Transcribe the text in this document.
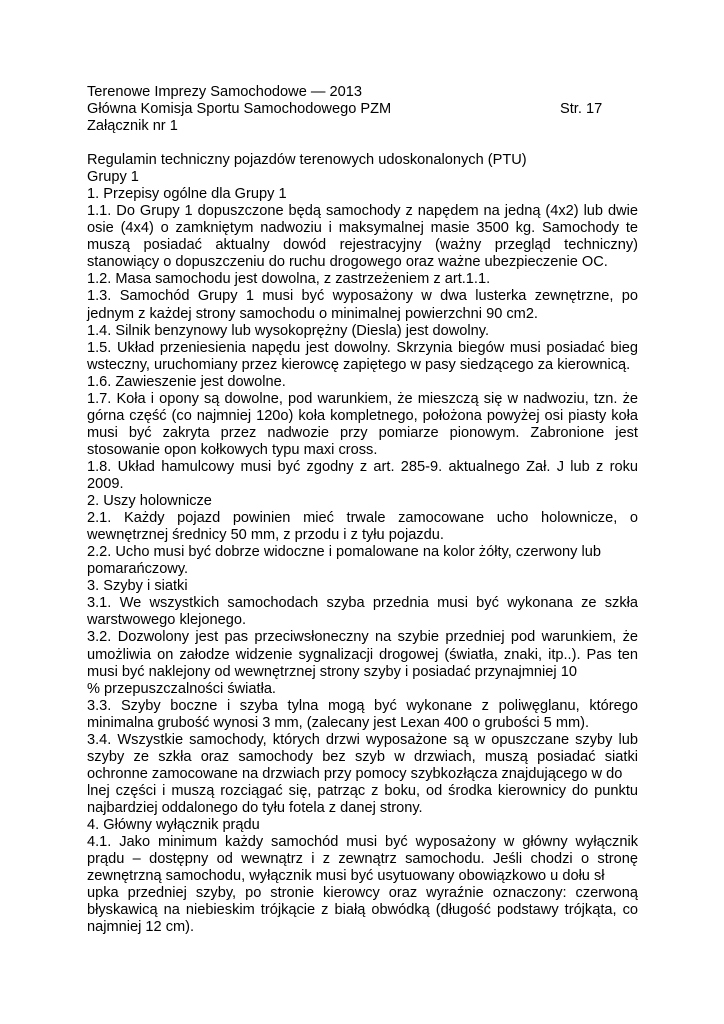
Terenowe Imprezy Samochodowe — 2013
Główna Komisja Sportu Samochodowego PZM	Str. 17
Załącznik nr 1
Regulamin techniczny pojazdów terenowych udoskonalonych (PTU)
Grupy 1
1. Przepisy ogólne dla Grupy 1
1.1. Do Grupy 1 dopuszczone będą samochody z napędem na jedną (4x2) lub dwie
osie (4x4) o zamkniętym nadwoziu i maksymalnej masie 3500 kg. Samochody te
muszą posiadać aktualny dowód rejestracyjny (ważny przegląd techniczny)
stanowiący o dopuszczeniu do ruchu drogowego oraz ważne ubezpieczenie OC.
1.2. Masa samochodu jest dowolna, z zastrzeżeniem z art.1.1.
1.3. Samochód Grupy 1 musi być wyposażony w dwa lusterka zewnętrzne, po
jednym z każdej strony samochodu o minimalnej powierzchni 90 cm2.
1.4. Silnik benzynowy lub wysokoprężny (Diesla) jest dowolny.
1.5. Układ przeniesienia napędu jest dowolny. Skrzynia biegów musi posiadać bieg
wsteczny, uruchomiany przez kierowcę zapiętego w pasy siedzącego za kierownicą.
1.6. Zawieszenie jest dowolne.
1.7. Koła i opony są dowolne, pod warunkiem, że mieszczą się w nadwoziu, tzn. że
górna część (co najmniej 120o) koła kompletnego, położona powyżej osi piasty koła
musi być zakryta przez nadwozie przy pomiarze pionowym. Zabronione jest
stosowanie opon kołkowych typu maxi cross.
1.8. Układ hamulcowy musi być zgodny z art. 285-9. aktualnego Zał. J lub z roku
2009.
2. Uszy holownicze
2.1. Każdy pojazd powinien mieć trwale zamocowane ucho holownicze, o
wewnętrznej średnicy 50 mm, z przodu i z tyłu pojazdu.
2.2. Ucho musi być dobrze widoczne i pomalowane na kolor żółty, czerwony lub
pomarańczowy.
3. Szyby i siatki
3.1. We wszystkich samochodach szyba przednia musi być wykonana ze szkła
warstwowego klejonego.
3.2. Dozwolony jest pas przeciwsłoneczny na szybie przedniej pod warunkiem, że
umożliwia on załodze widzenie sygnalizacji drogowej (światła, znaki, itp..). Pas ten
musi być naklejony od wewnętrznej strony szyby i posiadać przynajmniej 10
% przepuszczalności światła.
3.3. Szyby boczne i szyba tylna mogą być wykonane z poliwęglanu, którego
minimalna grubość wynosi 3 mm, (zalecany jest Lexan 400 o grubości 5 mm).
3.4. Wszystkie samochody, których drzwi wyposażone są w opuszczane szyby lub
szyby ze szkła oraz samochody bez szyb w drzwiach, muszą posiadać siatki
ochronne zamocowane na drzwiach przy pomocy szybkozłącza znajdującego w do
lnej części i muszą rozciągać się, patrząc z boku, od środka kierownicy do punktu
najbardziej oddalonego do tyłu fotela z danej strony.
4. Główny wyłącznik prądu
4.1. Jako minimum każdy samochód musi być wyposażony w główny wyłącznik
prądu – dostępny od wewnątrz i z zewnątrz samochodu. Jeśli chodzi o stronę
zewnętrzną samochodu, wyłącznik musi być usytuowany obowiązkowo u dołu sł
upka przedniej szyby, po stronie kierowcy oraz wyraźnie oznaczony: czerwoną
błyskawicą na niebieskim trójkącie z białą obwódką (długość podstawy trójkąta, co
najmniej 12 cm).
